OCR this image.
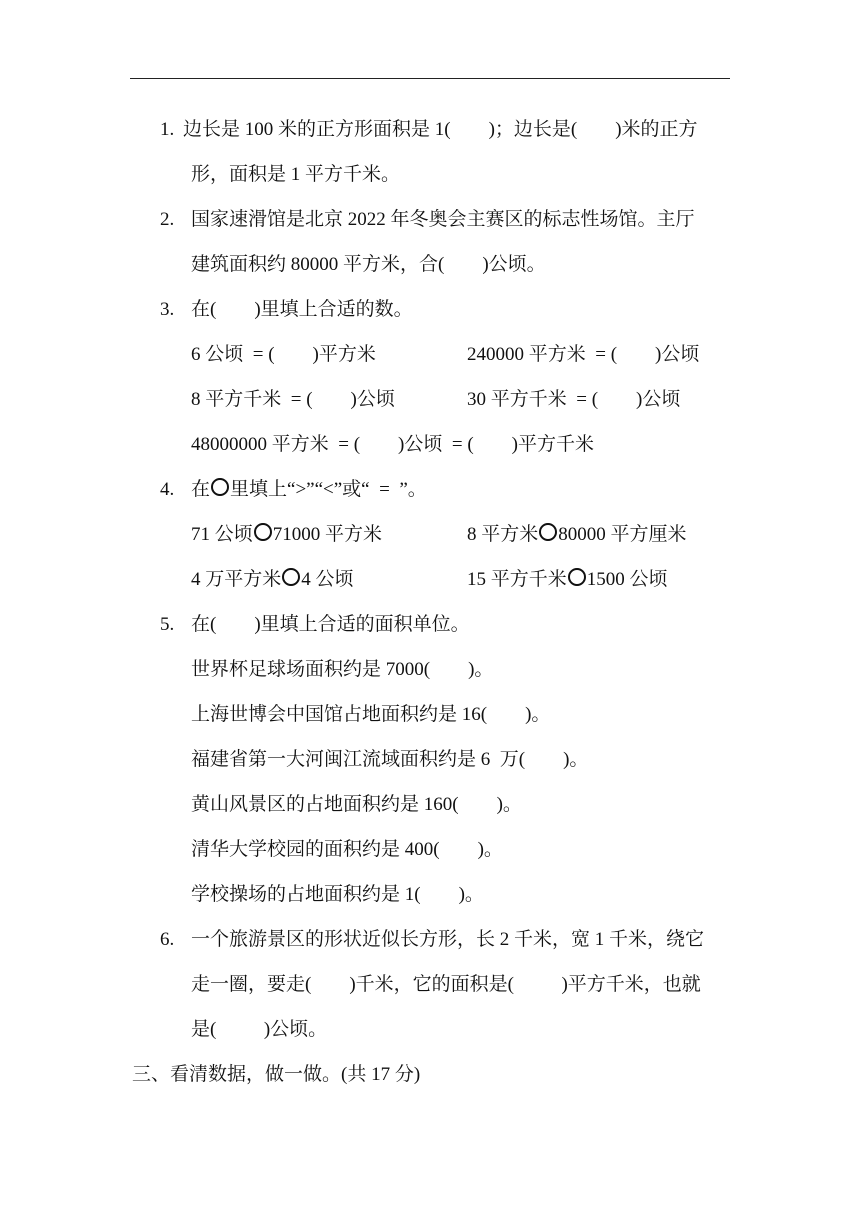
1. 边长是 100 米的正方形面积是 1(        )；边长是(        )米的正方
形，面积是 1 平方千米。
2. 国家速滑馆是北京 2022 年冬奥会主赛区的标志性场馆。主厅
建筑面积约 80000 平方米，合(        )公顷。
3. 在(        )里填上合适的数。
6 公顷  = (        )平方米	240000 平方米  = (        )公顷
8 平方千米  = (        )公顷	30 平方千米  = (        )公顷
48000000 平方米  = (        )公顷  = (        )平方千米
4. 在 里填上“>”“<”或“  =  ”。
71 公顷 71000 平方米	8 平方米 80000 平方厘米
4 万平方米 4 公顷	15 平方千米 1500 公顷
5. 在(        )里填上合适的面积单位。
世界杯足球场面积约是 7000(        )。
上海世博会中国馆占地面积约是 16(        )。
福建省第一大河闽江流域面积约是 6  万(        )。
黄山风景区的占地面积约是 160(        )。
清华大学校园的面积约是 400(        )。
学校操场的占地面积约是 1(        )。
6. 一个旅游景区的形状近似长方形，长 2 千米，宽 1 千米，绕它
走一圈，要走(        )千米，它的面积是(          )平方千米，也就
是(          )公顷。
三、看清数据，做一做。(共 17 分)
